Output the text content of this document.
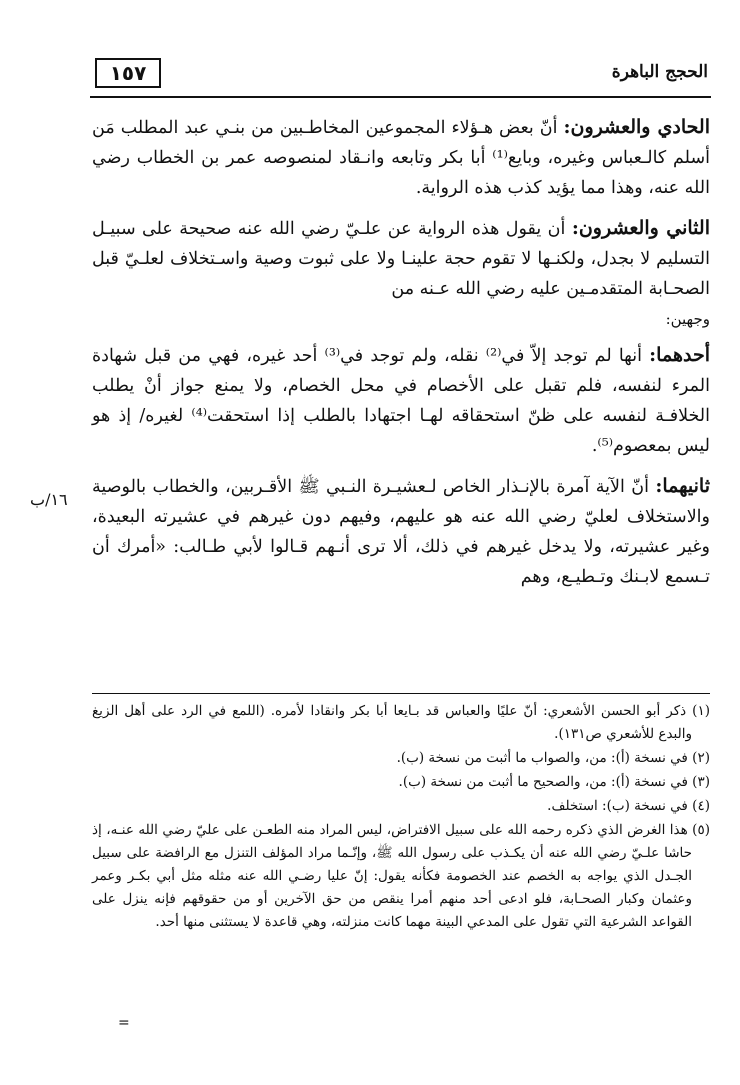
١٥٧	الحجج الباهرة

الحادي والعشرون: أنّ بعض هـؤلاء المجموعين المخاطـبين من بنـي عبد المطلب مَن أسلم كالـعباس وغيره، وبايع⁽¹⁾ أبا بكر وتابعه وانـقاد لمنصوصه عمر بن الخطاب رضي الله عنه، وهذا مما يؤيد كذب هذه الرواية.

الثاني والعشرون: أن يقول هذه الرواية عن علـيّ رضي الله عنه صحيحة على سبيـل التسليم لا بجدل، ولكنـها لا تقوم حجة علينـا ولا على ثبوت وصية واسـتخلاف لعلـيّ قبل الصحـابة المتقدمـين عليه رضي الله عـنه من
وجهين:

أحدهما: أنها لم توجد إلاّ في⁽²⁾ نقله، ولم توجد في⁽³⁾ أحد غيره، فهي من قبل شهادة المرء لنفسه، فلم تقبل على الأخصام في محل الخصام، ولا يمنع جواز أنْ يطلب الخلافـة لنفسه على ظنّ استحقاقه لهـا اجتهادا بالطلب إذا استحقت⁽⁴⁾ لغيره/ إذ هو ليس بمعصوم⁽⁵⁾.

ثانيهما: أنّ الآية آمرة بالإنـذار الخاص لـعشيـرة النـبي ﷺ الأقـربين، والخطاب بالوصية والاستخلاف لعليّ رضي الله عنه هو عليهم، وفيهم دون غيرهم في عشيرته البعيدة، وغير عشيرته، ولا يدخل غيرهم في ذلك، ألا ترى أنـهم قـالوا لأبي طـالب: «أمرك أن تـسمع لابـنك وتـطيـع، وهم

١٦/ب

(١) ذكر أبو الحسن الأشعري: أنّ عليًا والعباس قد بـايعا أبا بكر وانقادا لأمره. (اللمع في الرد على أهل الزيغ والبدع للأشعري ص١٣١).

(٢) في نسخة (أ): من، والصواب ما أثبت من نسخة (ب).

(٣) في نسخة (أ): من، والصحيح ما أثبت من نسخة (ب).

(٤) في نسخة (ب): استخلف.

(٥) هذا الغرض الذي ذكره رحمه الله على سبيل الافتراض، ليس المراد منه الطعـن على عليّ رضي الله عنـه، إذ حاشا علـيّ رضي الله عنه أن يكـذب على رسول الله ﷺ، وإنّـما مراد المؤلف التنزل مع الرافضة على سبيل الجـدل الذي يواجه به الخصم عند الخصومة فكأنه يقول: إنّ عليا رضـي الله عنه مثله مثل أبي بكـر وعمر وعثمان وكبار الصحـابة، فلو ادعى أحد منهم أمرا ينقص من حق الآخرين أو من حقوقهم فإنه ينزل على القواعد الشرعية التي تقول على المدعي البينة مهما كانت منزلته، وهي قاعدة لا يستثنى منها أحد.

=
